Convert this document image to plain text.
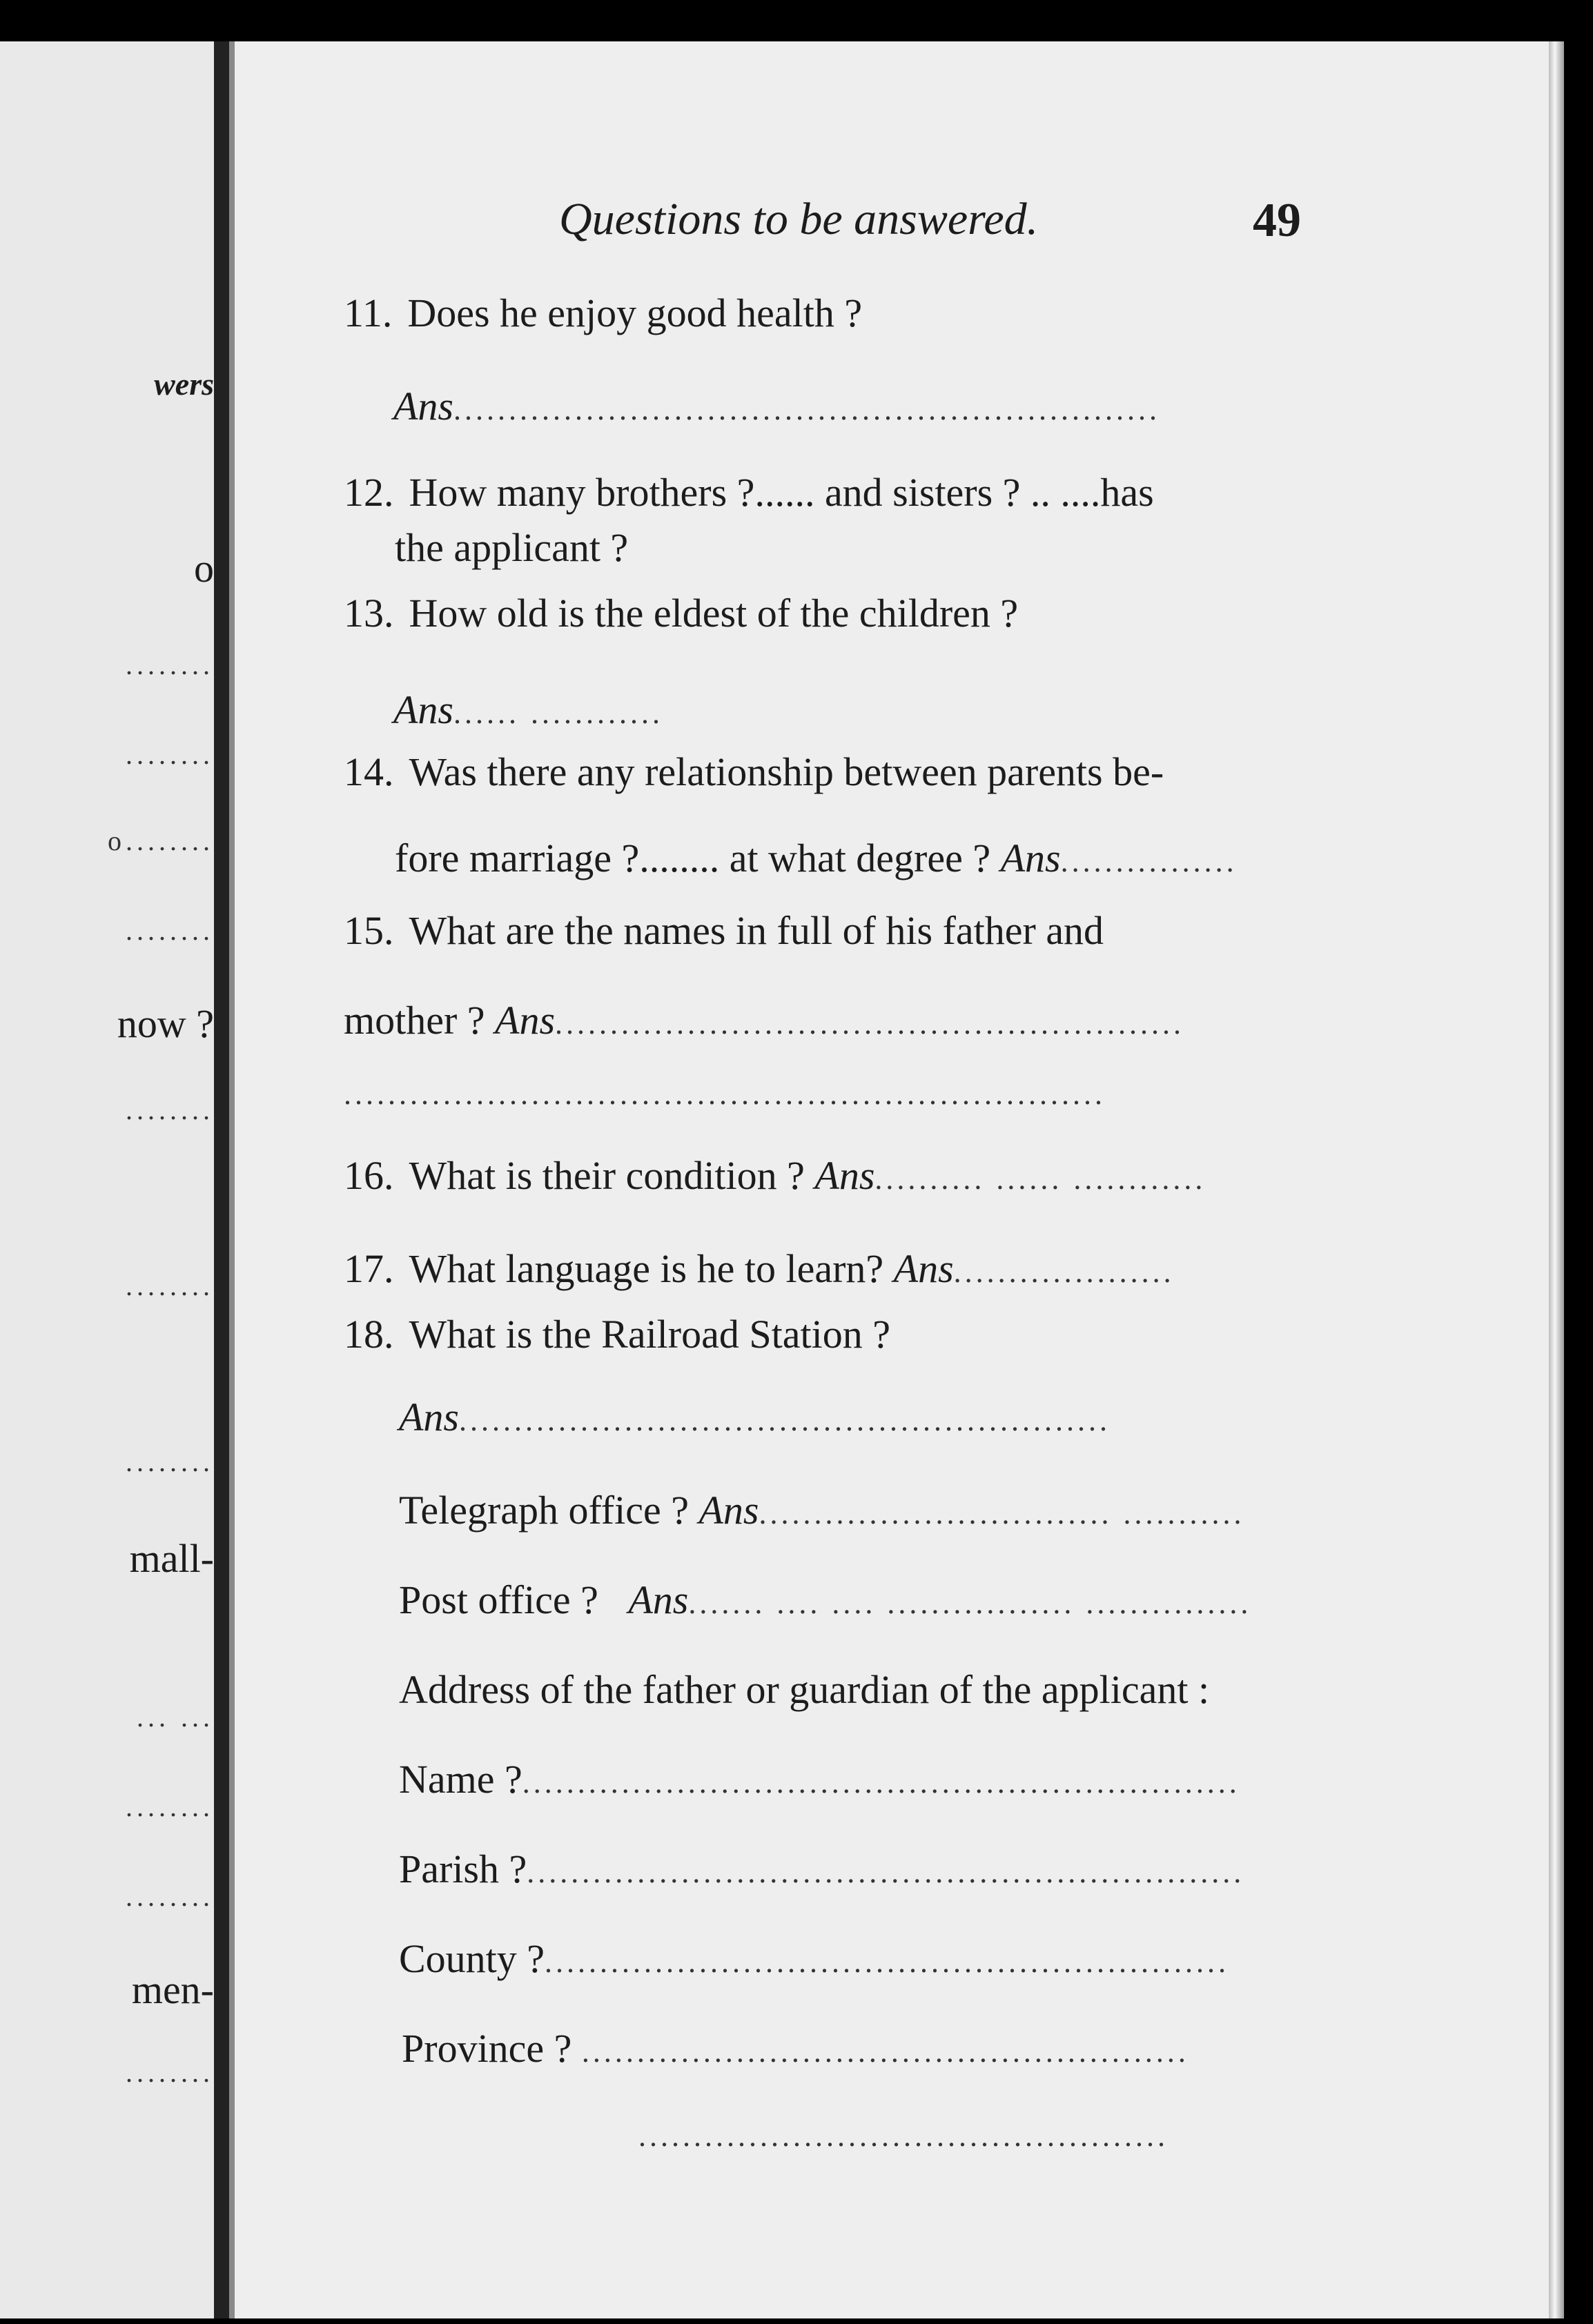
wers
o
........
........
o........
........
now ?
........
........
........
mall-
... ...
........
........
men-
........
Questions to be answered.	49
11. Does he enjoy good health ?
Ans................................................................
12. How many brothers ?...... and sisters ? .. ....has
the applicant ?
13. How old is the eldest of the children ?
Ans...... ............
14. Was there any relationship between parents be-
fore marriage ?........ at what degree ? Ans................
15. What are the names in full of his father and
mother ? Ans.........................................................
.....................................................................
16. What is their condition ? Ans.......... ...... ............
17. What language is he to learn? Ans....................
18. What is the Railroad Station ?
Ans...........................................................
Telegraph office ? Ans................................ ...........
Post office ? Ans....... .... .... ................. ...............
Address of the father or guardian of the applicant :
Name ?.................................................................
Parish ?.................................................................
County ?..............................................................
Province ? .......................................................
................................................
